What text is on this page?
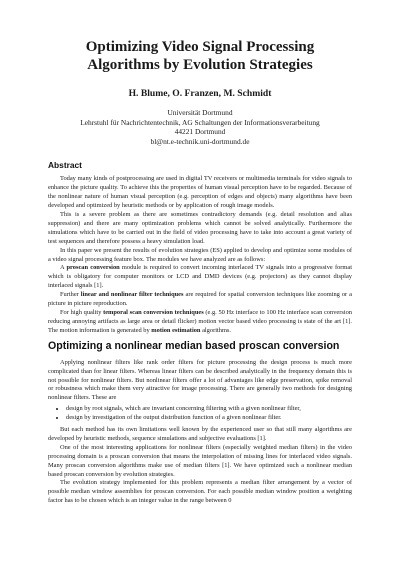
Optimizing Video Signal Processing Algorithms by Evolution Strategies
H. Blume, O. Franzen, M. Schmidt
Universität Dortmund
Lehrstuhl für Nachrichtentechnik, AG Schaltungen der Informationsverarbeitung
44221 Dortmund
bl@nt.e-technik.uni-dortmund.de
Abstract

Today many kinds of postprocessing are used in digital TV receivers or multimedia terminals for video signals to enhance the picture quality. To achieve this the properties of human visual perception have to be regarded. Because of the nonlinear nature of human visual perception (e.g. perception of edges and objects) many algorithms have been developed and optimized by heuristic methods or by application of rough image models.

This is a severe problem as there are sometimes contradictory demands (e.g. detail resolution and alias suppression) and there are many optimization problems which cannot be solved analytically. Furthermore the simulations which have to be carried out in the field of video processing have to take into account a great variety of test sequences and therefore possess a heavy simulation load.

In this paper we present the results of evolution strategies (ES) applied to develop and optimize some modules of a video signal processing feature box. The modules we have analyzed are as follows:

A proscan conversion module is required to convert incoming interlaced TV signals into a progressive format which is obligatory for computer monitors or LCD and DMD devices (e.g. projectors) as they cannot display interlaced signals [1].

Further linear and nonlinear filter techniques are required for spatial conversion techniques like zooming or a picture in picture reproduction.

For high quality temporal scan conversion techniques (e.g. 50 Hz interface to 100 Hz interface scan conversion reducing annoying artifacts as large area or detail flicker) motion vector based video processing is state of the art [1]. The motion information is generated by motion estimation algorithms.

Optimizing a nonlinear median based proscan conversion

Applying nonlinear filters like rank order filters for picture processing the design process is much more complicated than for linear filters. Whereas linear filters can be described analytically in the frequency domain this is not possible for nonlinear filters. But nonlinear filters offer a lot of advantages like edge preservation, spike removal or robustness which make them very attractive for image processing. There are generally two methods for designing nonlinear filters. These are

• design by root signals, which are invariant concerning filtering with a given nonlinear filter,
• design by investigation of the output distribution function of a given nonlinear filter.

But each method has its own limitations well known by the experienced user so that still many algorithms are developed by heuristic methods, sequence simulations and subjective evaluations [1].

One of the most interesting applications for nonlinear filters (especially weighted median filters) in the video processing domain is a proscan conversion that means the interpolation of missing lines for interlaced video signals. Many proscan conversion algorithms make use of median filters [1]. We have optimized such a nonlinear median based proscan conversion by evolution strategies.

The evolution strategy implemented for this problem represents a median filter arrangement by a vector of possible median window assemblies for proscan conversion. For each possible median window position a weighting factor has to be chosen which is an integer value in the range between 0
